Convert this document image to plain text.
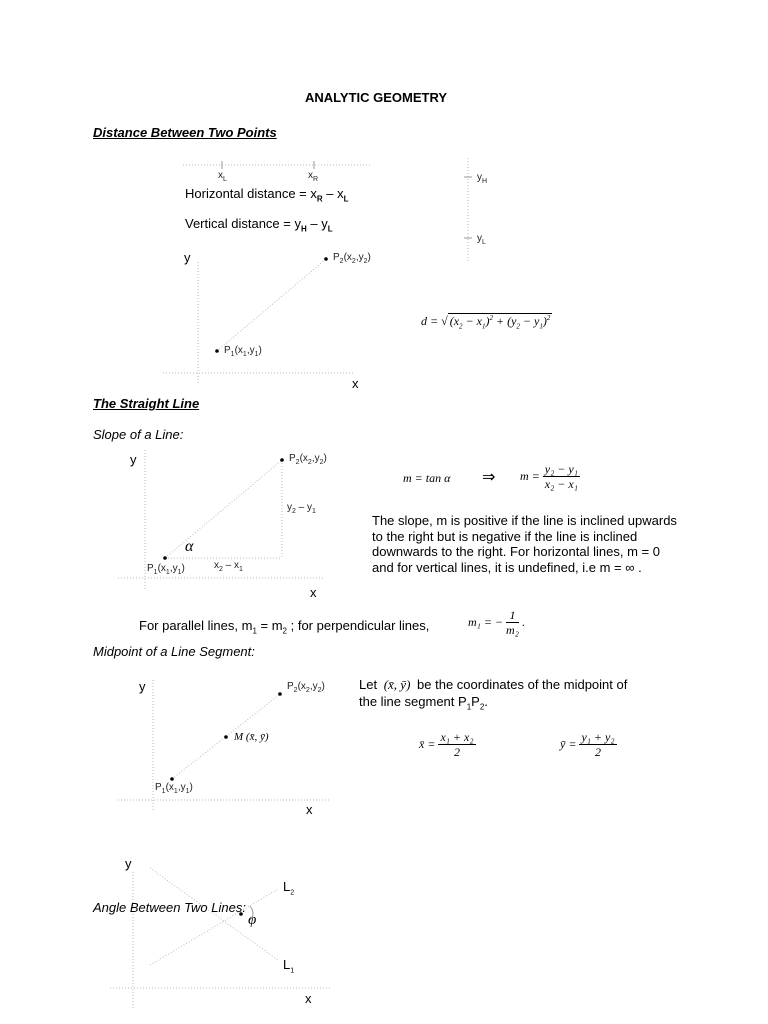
ANALYTIC GEOMETRY
Distance Between Two Points
$x_L$	$x_R$	$y_H$
$y_L$
Horizontal distance = $x_R - x_L$
Vertical distance = $y_H - y_L$
y
x
$P_2(x_2,y_2)$
$P_1(x_1,y_1)$
d = √ $(x_2 - x_1)^2 + (y_2 - y_1)^2$
The Straight Line
Slope of a Line:
y
x
$P_2(x_2,y_2)$
$P_1(x_1,y_1)$
$y_2 - y_1$
$x_2 - x_1$
α
m = tan α ⇒ $m = \frac{\text{y₂ − y₁}}{\text{x₂ − x₁}}$
The slope, m is positive if the line is inclined upwards to the right but is negative if the line is inclined downwards to the right. For horizontal lines, m = 0 and for vertical lines, it is undefined, i.e m = ∞ .
For parallel lines, $m_1 = m_2$ ; for perpendicular lines,	m₁ = − $\frac{1}{\text{m₂}}$ .
Midpoint of a Line Segment:
y
x
$P_2(x_2,y_2)$
$P_1(x_1,y_1)$
M (x̄, ȳ)
Let (x̄, ȳ) be the coordinates of the midpoint of
the line segment $P_1P_2$.
x̄ = $\frac{\text{x₁ + x₂}}{2}$	ȳ = $\frac{\text{y₁ + y₂}}{2}$
y
Angle Between Two Lines:
$L_2$
$L_1$
φ
x
